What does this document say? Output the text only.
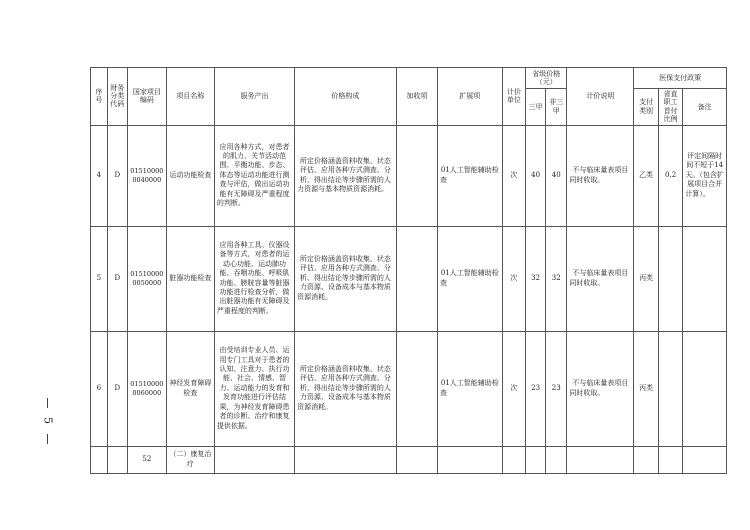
5
序号	财务分类代码	国家项目编码	项目名称	服务产出	价格构成	加收项	扩展项	计价单位	省级价格（元）		计价说明	医保支付政策		
									三甲	非三甲		支付类别	省直职工首付比例	备注
4	D	015100000040000	运动功能检查	应用各种方式，对患者的肌力、关节活动范围、平衡功能、步态、体态等运动功能进行测查与评估，做出运动功能有无障碍及严重程度的判断。	所定价格涵盖资料收集、状态评估、应用各种方式测查、分析、得出结论等步骤所需的人力资源与基本物质资源消耗。		01人工智能辅助检查	次	40	40	不与临床量表项目同时收取。	乙类	0.2	评定间隔时间不短于14天。（包含扩展项目合并计算）。
5	D	015100000050000	脏器功能检查	应用各种工具、仪器设备等方式，对患者的运动心功能、运动肺功能、吞咽功能、呼吸肌功能、膀胱容量等脏器功能进行检查分析，做出脏器功能有无障碍及严重程度的判断。	所定价格涵盖资料收集、状态评估、应用各种方式测查、分析、得出结论等步骤所需的人力资源、设备成本与基本物质资源消耗。		01人工智能辅助检查	次	32	32	不与临床量表项目同时收取。	丙类		
6	D	015100000060000	神经发育障碍检查	由受培训专业人员、运用专门工具对于患者的认知、注意力、执行功能、社会、情感、智力、运动能力的发育和发育功能进行评估结果，为神经发育障碍患者的诊断、治疗和康复提供依据。	所定价格涵盖资料收集、状态评估、应用各种方式测查、分析、得出结论等步骤所需的人力资源、设备成本与基本物质资源消耗。		01人工智能辅助检查	次	23	23	不与临床量表项目同时收取。	丙类		
		52	（二）康复治疗											
